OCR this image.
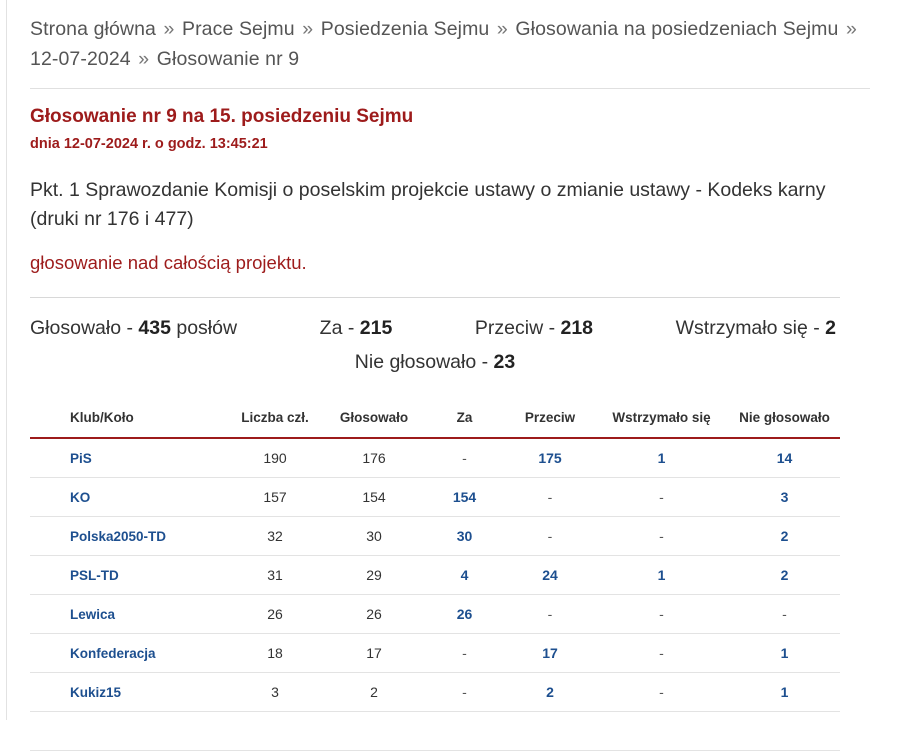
Strona główna » Prace Sejmu » Posiedzenia Sejmu » Głosowania na posiedzeniach Sejmu » 12-07-2024 » Głosowanie nr 9
Głosowanie nr 9 na 15. posiedzeniu Sejmu
dnia 12-07-2024 r. o godz. 13:45:21
Pkt. 1 Sprawozdanie Komisji o poselskim projekcie ustawy o zmianie ustawy - Kodeks karny (druki nr 176 i 477)
głosowanie nad całością projektu.
Głosowało - 435 posłów	Za - 215	Przeciw - 218	Wstrzymało się - 2
Nie głosowało - 23
Klub/Koło	Liczba czł.	Głosowało	Za	Przeciw	Wstrzymało się	Nie głosowało
PiS	190	176	-	175	1	14
KO	157	154	154	-	-	3
Polska2050-TD	32	30	30	-	-	2
PSL-TD	31	29	4	24	1	2
Lewica	26	26	26	-	-	-
Konfederacja	18	17	-	17	-	1
Kukiz15	3	2	-	2	-	1
